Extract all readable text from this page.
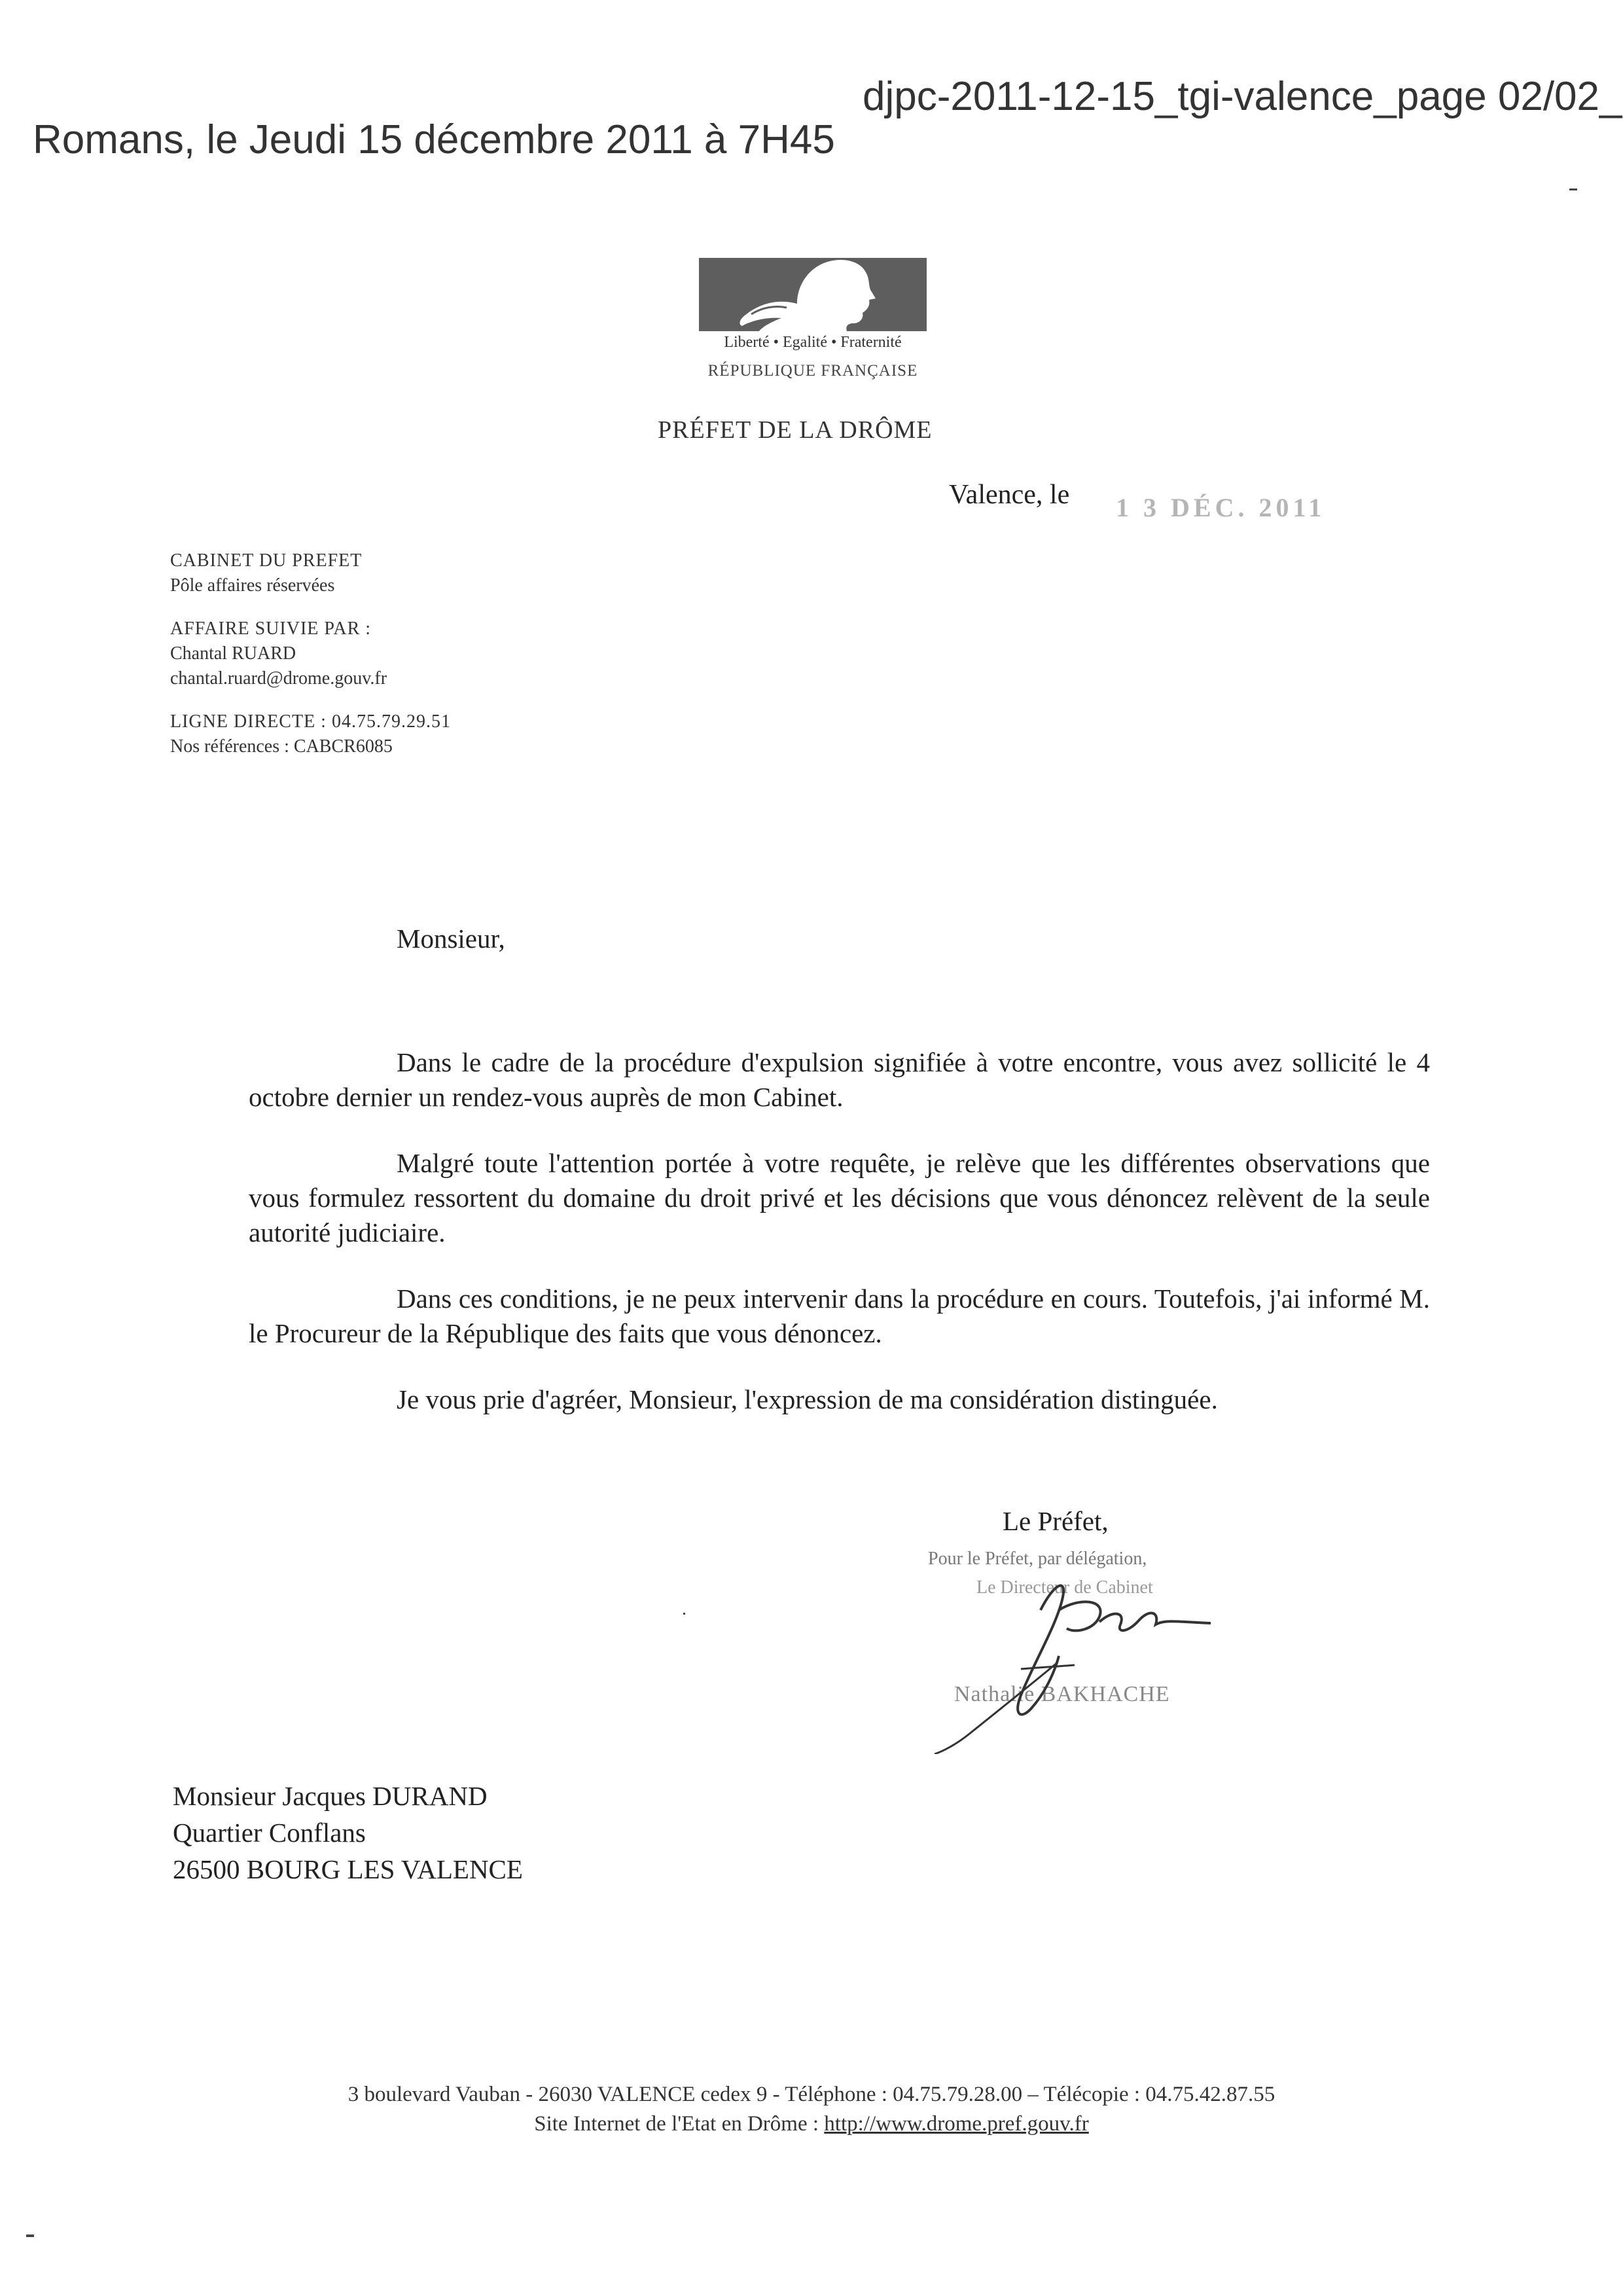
djpc-2011-12-15_tgi-valence_page 02/02_
Romans, le Jeudi 15 décembre 2011 à 7H45
Liberté • Egalité • Fraternité
RÉPUBLIQUE FRANÇAISE
PRÉFET DE LA DRÔME
Valence, le 1 3 DÉC. 2011
CABINET DU PREFET
Pôle affaires réservées
AFFAIRE SUIVIE PAR :
Chantal RUARD
chantal.ruard@drome.gouv.fr
LIGNE DIRECTE : 04.75.79.29.51
Nos références : CABCR6085
Monsieur,

Dans le cadre de la procédure d'expulsion signifiée à votre encontre, vous avez sollicité le 4 octobre dernier un rendez-vous auprès de mon Cabinet.

Malgré toute l'attention portée à votre requête, je relève que les différentes observations que vous formulez ressortent du domaine du droit privé et les décisions que vous dénoncez relèvent de la seule autorité judiciaire.

Dans ces conditions, je ne peux intervenir dans la procédure en cours. Toutefois, j'ai informé M. le Procureur de la République des faits que vous dénoncez.

Je vous prie d'agréer, Monsieur, l'expression de ma considération distinguée.

Le Préfet,
Pour le Préfet, par délégation,
Le Directeur de Cabinet
Nathalie BAKHACHE
Monsieur Jacques DURAND
Quartier Conflans
26500 BOURG LES VALENCE
3 boulevard Vauban - 26030 VALENCE cedex 9 - Téléphone : 04.75.79.28.00 – Télécopie : 04.75.42.87.55
Site Internet de l'Etat en Drôme : http://www.drome.pref.gouv.fr
